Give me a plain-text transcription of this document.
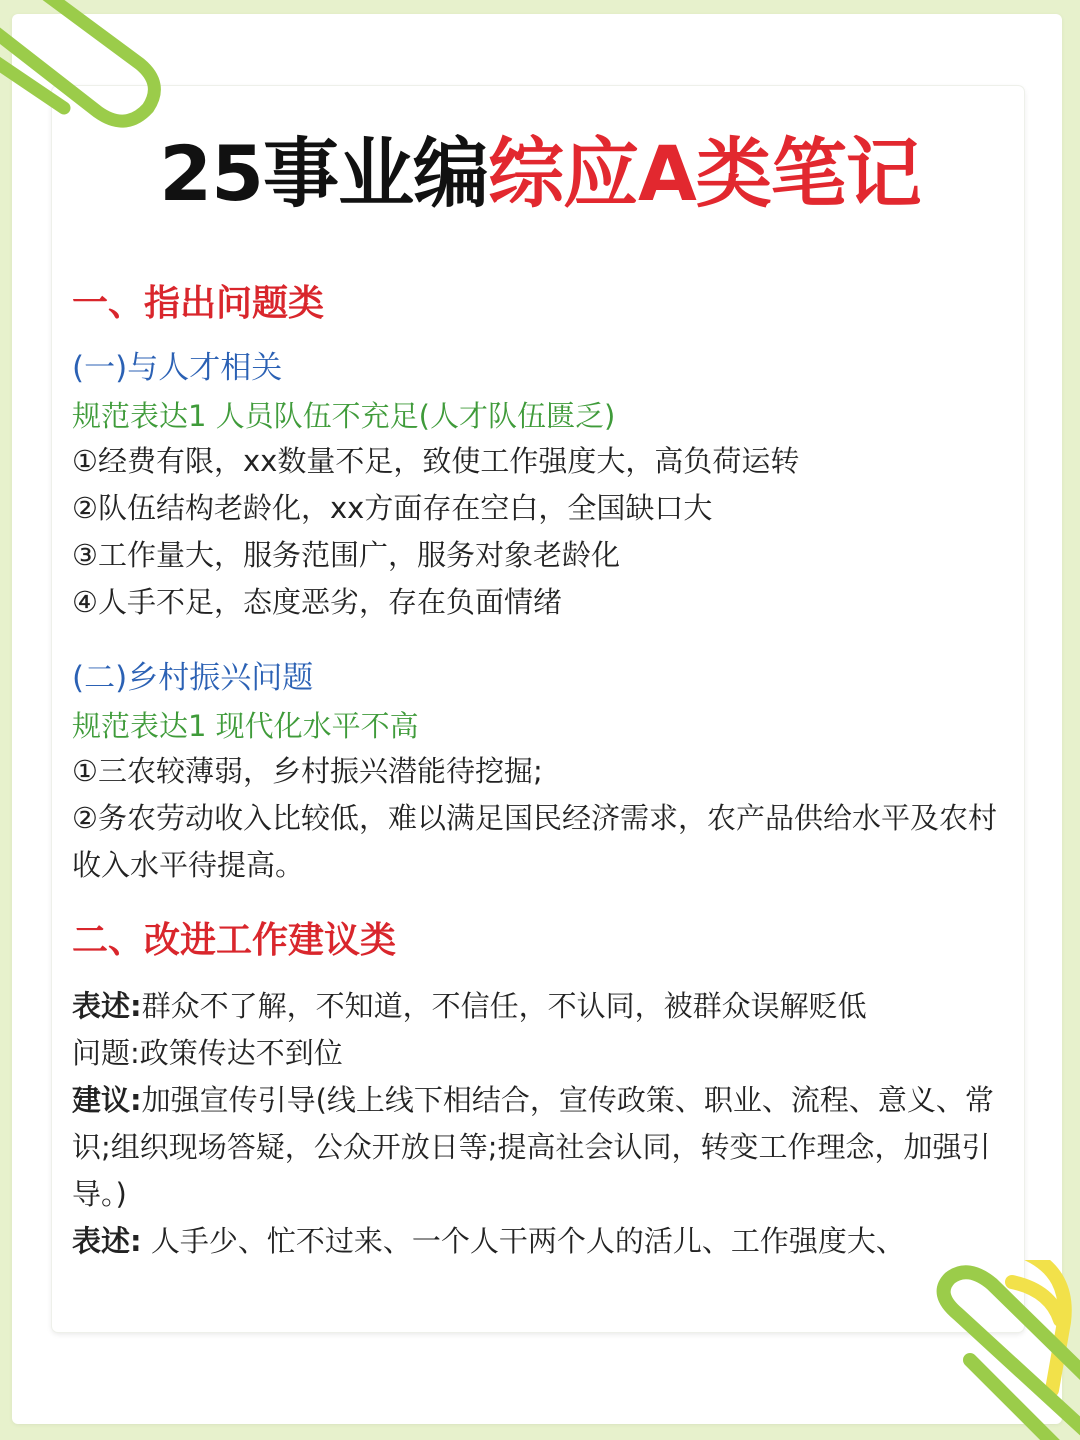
25事业编综应A类笔记

一、指出问题类

(一)与人才相关

规范表达1 人员队伍不充足(人才队伍匮乏)

①经费有限，xx数量不足，致使工作强度大，高负荷运转

②队伍结构老龄化，xx方面存在空白，全国缺口大

③工作量大，服务范围广，服务对象老龄化

④人手不足，态度恶劣，存在负面情绪

(二)乡村振兴问题

规范表达1 现代化水平不高

①三农较薄弱，乡村振兴潜能待挖掘;

②务农劳动收入比较低，难以满足国民经济需求，农产品供给水平及农村收入水平待提高。

二、改进工作建议类

表述:群众不了解，不知道，不信任，不认同，被群众误解贬低

问题:政策传达不到位

建议:加强宣传引导(线上线下相结合，宣传政策、职业、流程、意义、常识;组织现场答疑，公众开放日等;提高社会认同，转变工作理念，加强引导。)

表述: 人手少、忙不过来、一个人干两个人的活儿、工作强度大、
